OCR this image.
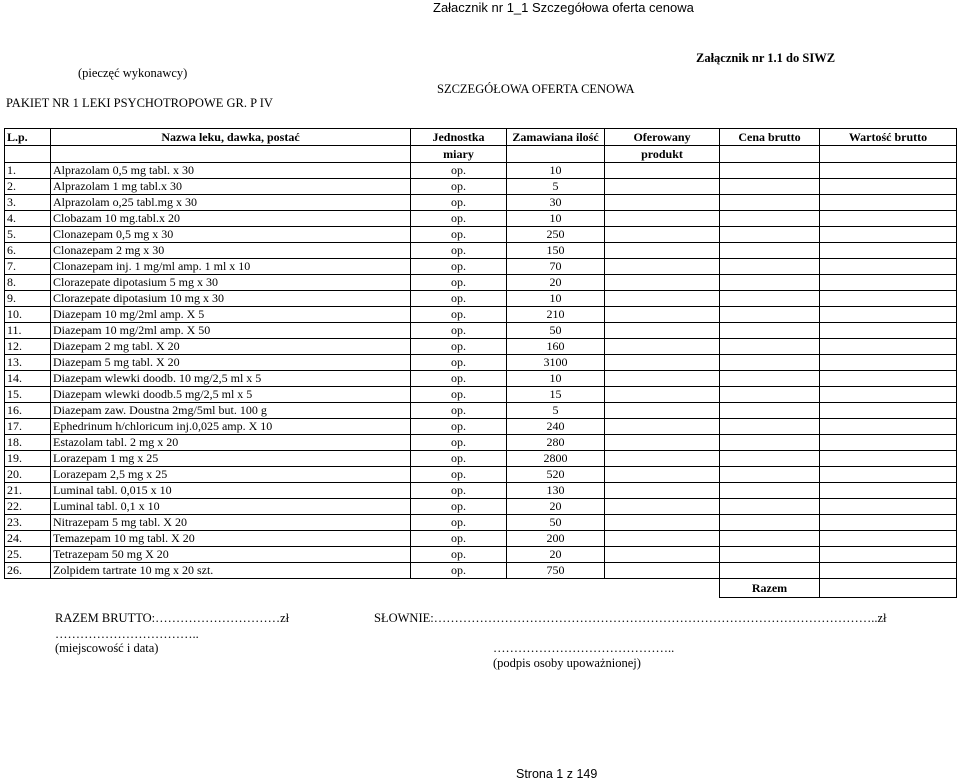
Załacznik nr 1_1 Szczegółowa oferta cenowa
(pieczęć wykonawcy)
Załącznik nr 1.1 do SIWZ
PAKIET NR 1 LEKI PSYCHOTROPOWE GR. P IV
SZCZEGÓŁOWA OFERTA CENOWA
L.p.	Nazwa leku, dawka, postać	Jednostka	Zamawiana ilość	Oferowany	Cena brutto	Wartość brutto
		miary		produkt		
1.	Alprazolam 0,5 mg tabl. x 30	op.	10			
2.	Alprazolam 1 mg tabl.x 30	op.	5			
3.	Alprazolam o,25 tabl.mg x 30	op.	30			
4.	Clobazam 10 mg.tabl.x 20	op.	10			
5.	Clonazepam 0,5 mg x 30	op.	250			
6.	Clonazepam 2 mg x 30	op.	150			
7.	Clonazepam inj. 1 mg/ml amp. 1 ml x 10	op.	70			
8.	Clorazepate dipotasium 5 mg x 30	op.	20			
9.	Clorazepate dipotasium 10 mg x 30	op.	10			
10.	Diazepam 10 mg/2ml amp. X 5	op.	210			
11.	Diazepam 10 mg/2ml amp. X 50	op.	50			
12.	Diazepam 2 mg tabl. X 20	op.	160			
13.	Diazepam 5 mg tabl. X 20	op.	3100			
14.	Diazepam wlewki doodb. 10 mg/2,5 ml x 5	op.	10			
15.	Diazepam wlewki doodb.5 mg/2,5 ml x 5	op.	15			
16.	Diazepam zaw. Doustna 2mg/5ml but. 100 g	op.	5			
17.	Ephedrinum h/chloricum inj.0,025 amp. X 10	op.	240			
18.	Estazolam tabl. 2 mg x 20	op.	280			
19.	Lorazepam 1 mg x 25	op.	2800			
20.	Lorazepam 2,5 mg x 25	op.	520			
21.	Luminal tabl. 0,015 x 10	op.	130			
22.	Luminal tabl. 0,1 x 10	op.	20			
23.	Nitrazepam 5 mg tabl. X 20	op.	50			
24.	Temazepam 10 mg tabl. X 20	op.	200			
25.	Tetrazepam 50 mg X 20	op.	20			
26.	Zolpidem tartrate 10 mg x 20 szt.	op.	750			
					Razem	
RAZEM BRUTTO:…………………………zł	SŁOWNIE:……………………………………………………………………………………………..zł
……………………………..
(miejscowość i data)	……………………………………..
(podpis osoby upoważnionej)
Strona 1 z 149
